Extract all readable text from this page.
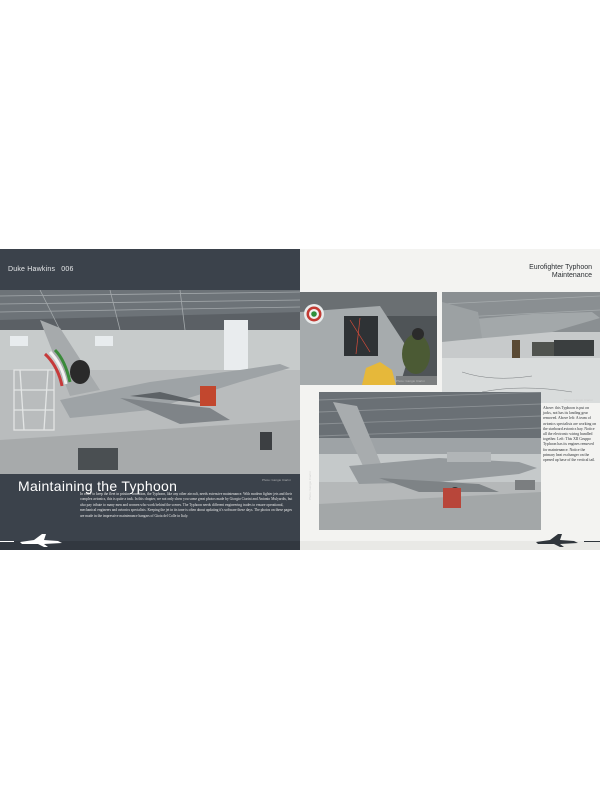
Duke Hawkins 006
Photo: Giorgio Ciarini
Maintaining the Typhoon
In order to keep the fleet in pristine condition, the Typhoon, like any other aircraft, needs extensive maintenance. With modern fighter jets and their complex avionics, this is quite a task. In this chapter, we not only show you some great photos made by Giorgio Ciarini and Antonio Mulyardis, but also pay tribute to many men and women who work behind the scenes. The Typhoon needs different engineering trades to ensure operational, mechanical engineers and avionics specialists. Keeping the jet in its tone is often about updating it's software these days. The photos on these pages are made in the impressive maintenance hangars of Gioia del Colle in Italy.
Eurofighter Typhoon
Maintenance
Photo: Giorgio Ciarini
Photo: Giorgio Ciarini
Photo: Giorgio Ciarini
Above: this Typhoon is put on jacks, not has its landing gear removed. Above left: A team of avionics specialists are working on the starboard avionics bay. Notice all the electronic wiring bundled together. Left: This XII Gruppo Typhoon has its engines removed for maintenance. Notice the primary heat exchanger on the opened up base of the vertical tail.
